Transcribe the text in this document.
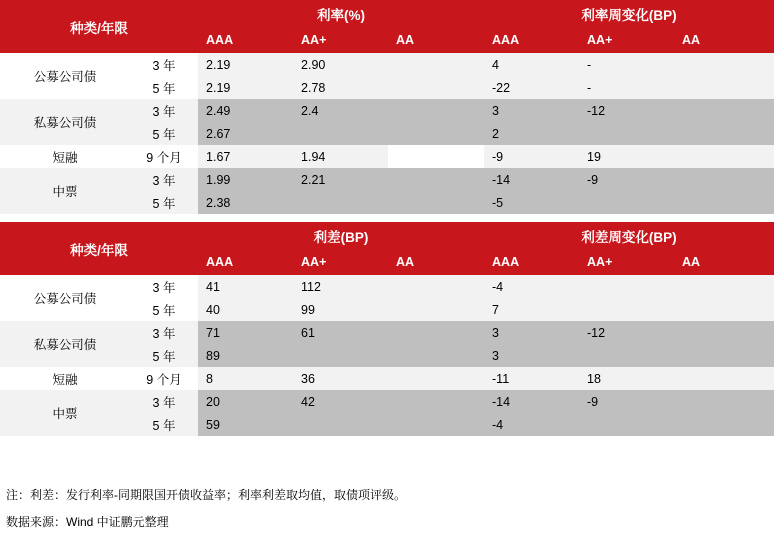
种类/年限		利率(%)			利率周变化(BP)		
		AAA	AA+	AA	AAA	AA+	AA
公募公司债	3 年	2.19	2.90		4	-	
	5 年	2.19	2.78		-22	-	
私募公司债	3 年	2.49	2.4		3	-12	
	5 年	2.67			2		
短融	9 个月	1.67	1.94		-9	19	
中票	3 年	1.99	2.21		-14	-9	
	5 年	2.38			-5		

种类/年限		利差(BP)			利差周变化(BP)		
		AAA	AA+	AA	AAA	AA+	AA
公募公司债	3 年	41	112		-4		
	5 年	40	99		7		
私募公司债	3 年	71	61		3	-12	
	5 年	89			3		
短融	9 个月	8	36		-11	18	
中票	3 年	20	42		-14	-9	
	5 年	59			-4		
注：利差：发行利率-同期限国开债收益率；利率利差取均值，取债项评级。
数据来源：Wind 中证鹏元整理
